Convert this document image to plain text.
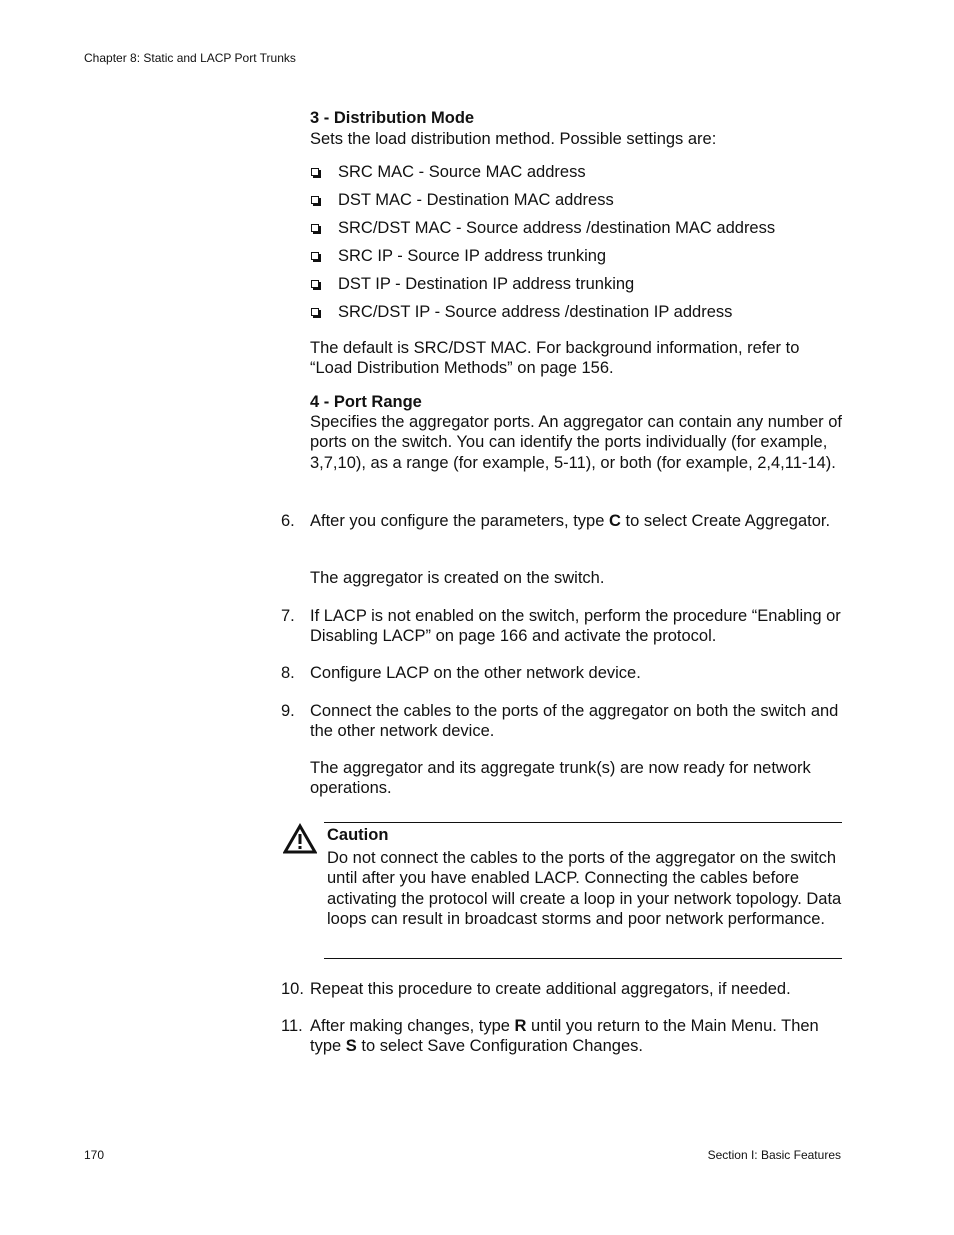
Chapter 8: Static and LACP Port Trunks
3 - Distribution Mode
Sets the load distribution method. Possible settings are:
SRC MAC - Source MAC address
DST MAC - Destination MAC address
SRC/DST MAC - Source address /destination MAC address
SRC IP - Source IP address trunking
DST IP - Destination IP address trunking
SRC/DST IP - Source address /destination IP address
The default is SRC/DST MAC. For background information, refer to
“Load Distribution Methods” on page 156.
4 - Port Range
Specifies the aggregator ports. An aggregator can contain any number of ports on the switch. You can identify the ports individually (for example, 3,7,10), as a range (for example, 5-11), or both (for example, 2,4,11-14).
6. After you configure the parameters, type C to select Create Aggregator.
The aggregator is created on the switch.
7. If LACP is not enabled on the switch, perform the procedure “Enabling or Disabling LACP” on page 166 and activate the protocol.
8. Configure LACP on the other network device.
9. Connect the cables to the ports of the aggregator on both the switch and the other network device.
The aggregator and its aggregate trunk(s) are now ready for network operations.
Caution
Do not connect the cables to the ports of the aggregator on the switch until after you have enabled LACP. Connecting the cables before activating the protocol will create a loop in your network topology. Data loops can result in broadcast storms and poor network performance.
10. Repeat this procedure to create additional aggregators, if needed.
11. After making changes, type R until you return to the Main Menu. Then type S to select Save Configuration Changes.
170	Section I: Basic Features
